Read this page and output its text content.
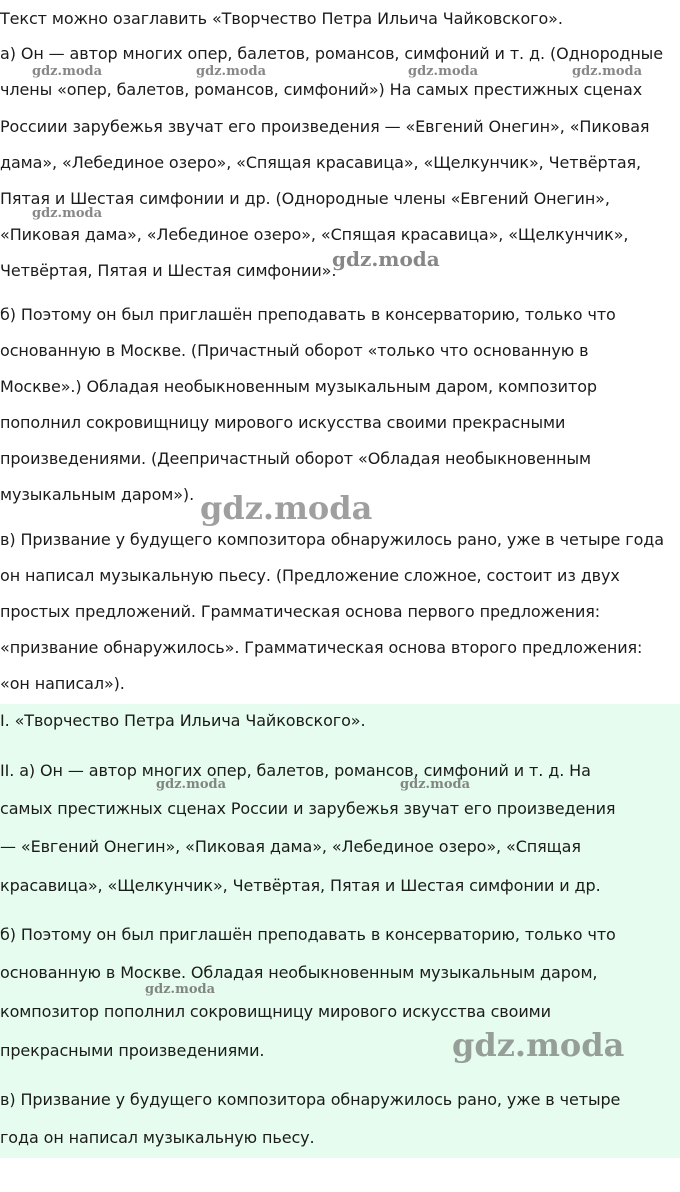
Текст можно озаглавить «Творчество Петра Ильича Чайковского».
а) Он — автор многих опер, балетов, романсов, симфоний и т. д. (Однородные
члены «опер, балетов, романсов, симфоний») На самых престижных сценах
Россиии зарубежья звучат его произведения — «Евгений Онегин», «Пиковая
дама», «Лебединое озеро», «Спящая красавица», «Щелкунчик», Четвёртая,
Пятая и Шестая симфонии и др. (Однородные члены «Евгений Онегин»,
«Пиковая дама», «Лебединое озеро», «Спящая красавица», «Щелкунчик»,
Четвёртая, Пятая и Шестая симфонии».
б) Поэтому он был приглашён преподавать в консерваторию, только что
основанную в Москве. (Причастный оборот «только что основанную в
Москве».) Обладая необыкновенным музыкальным даром, композитор
пополнил сокровищницу мирового искусства своими прекрасными
произведениями. (Деепричастный оборот «Обладая необыкновенным
музыкальным даром»).
в) Призвание у будущего композитора обнаружилось рано, уже в четыре года
он написал музыкальную пьесу. (Предложение сложное, состоит из двух
простых предложений. Грамматическая основа первого предложения:
«призвание обнаружилось». Грамматическая основа второго предложения:
«он написал»).
I. «Творчество Петра Ильича Чайковского».
II. а) Он — автор многих опер, балетов, романсов, симфоний и т. д. На
самых престижных сценах России и зарубежья звучат его произведения
— «Евгений Онегин», «Пиковая дама», «Лебединое озеро», «Спящая
красавица», «Щелкунчик», Четвёртая, Пятая и Шестая симфонии и др.
б) Поэтому он был приглашён преподавать в консерваторию, только что
основанную в Москве. Обладая необыкновенным музыкальным даром,
композитор пополнил сокровищницу мирового искусства своими
прекрасными произведениями.
в) Призвание у будущего композитора обнаружилось рано, уже в четыре
года он написал музыкальную пьесу.
gdz.moda	gdz.moda	gdz.moda	gdz.moda
gdz.moda
gdz.moda
gdz.moda
gdz.moda	gdz.moda
gdz.moda
gdz.moda
